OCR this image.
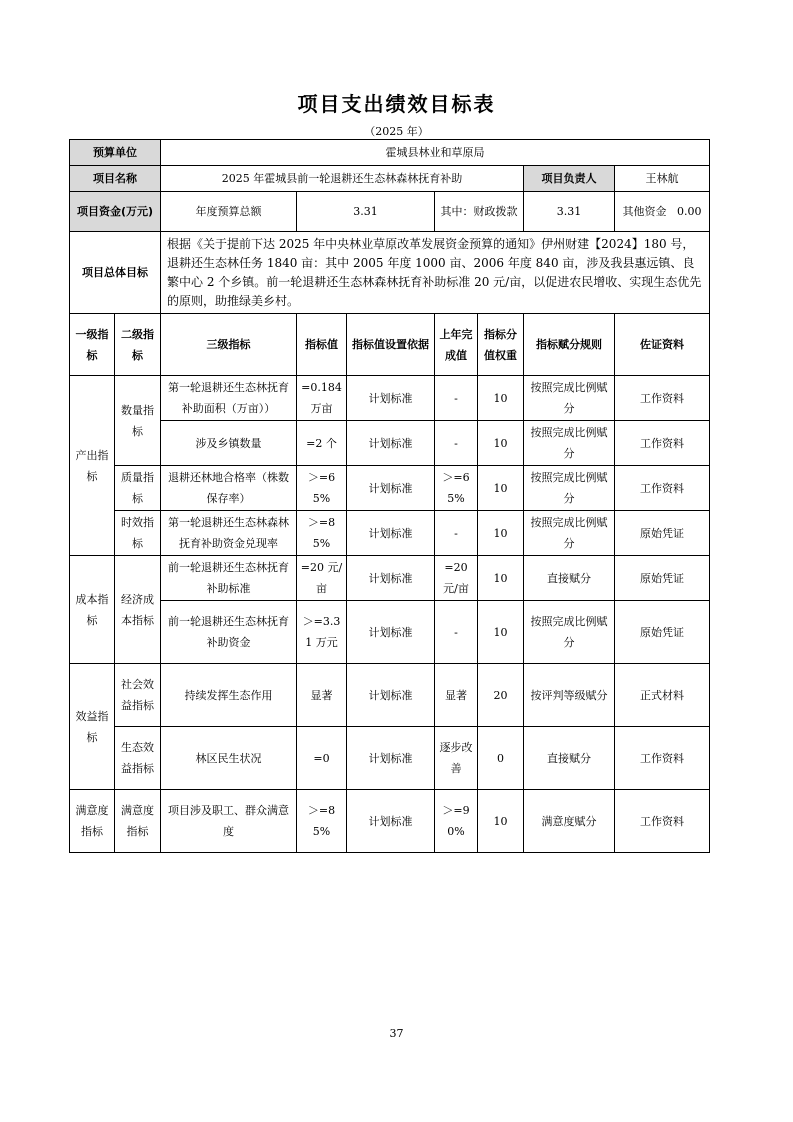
项目支出绩效目标表
（2025 年）
预算单位		霍城县林业和草原局						
项目名称		2025 年霍城县前一轮退耕还生态林森林抚育补助					项目负责人	王林航
项目资金(万元)		年度预算总额	3.31		其中：财政拨款		3.31	其他资金 0.00
项目总体目标		根据《关于提前下达 2025 年中央林业草原改革发展资金预算的通知》伊州财建【2024】180 号，退耕还生态林任务 1840 亩：其中 2005 年度 1000 亩、2006 年度 840 亩，涉及我县惠远镇、良繁中心 2 个乡镇。前一轮退耕还生态林森林抚育补助标准 20 元/亩，以促进农民增收、实现生态优先的原则，助推绿美乡村。						
一级指标	二级指标	三级指标	指标值	指标值设置依据	上年完成值	指标分值权重	指标赋分规则	佐证资料
产出指标	数量指标	第一轮退耕还生态林抚育补助面积（万亩））	=0.184 万亩	计划标准	-	10	按照完成比例赋分	工作资料
		涉及乡镇数量	=2 个	计划标准	-	10	按照完成比例赋分	工作资料
	质量指标	退耕还林地合格率（株数保存率）	＞=65%	计划标准	＞=65%	10	按照完成比例赋分	工作资料
	时效指标	第一轮退耕还生态林森林抚育补助资金兑现率	＞=85%	计划标准	-	10	按照完成比例赋分	原始凭证
成本指标	经济成本指标	前一轮退耕还生态林抚育补助标准	=20 元/亩	计划标准	=20 元/亩	10	直接赋分	原始凭证
		前一轮退耕还生态林抚育补助资金	＞=3.31 万元	计划标准	-	10	按照完成比例赋分	原始凭证
效益指标	社会效益指标	持续发挥生态作用	显著	计划标准	显著	20	按评判等级赋分	正式材料
	生态效益指标	林区民生状况	=0	计划标准	逐步改善	0	直接赋分	工作资料
满意度指标	满意度指标	项目涉及职工、群众满意度	＞=85%	计划标准	＞=90%	10	满意度赋分	工作资料
37
